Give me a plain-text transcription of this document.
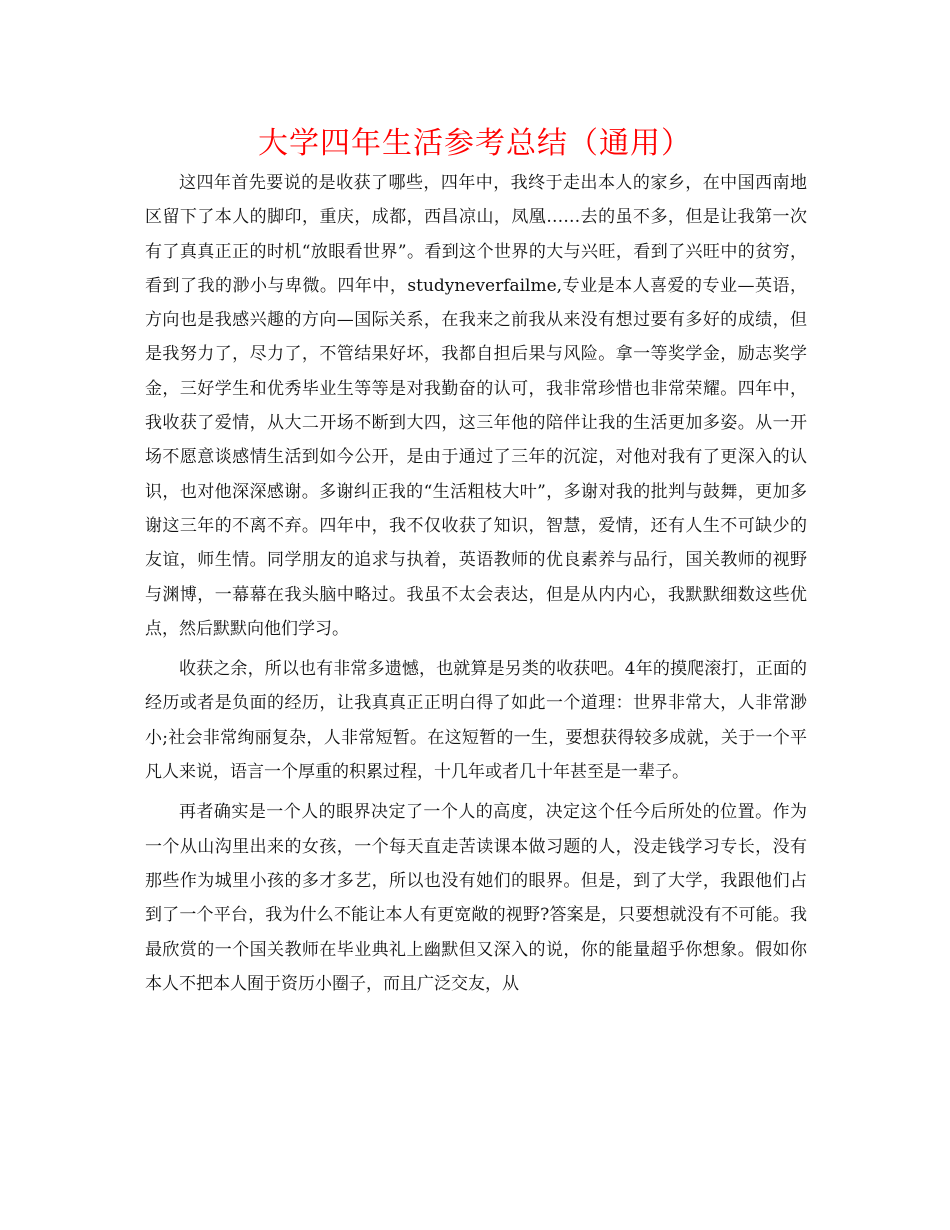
大学四年生活参考总结（通用）

这四年首先要说的是收获了哪些，四年中，我终于走出本人的家乡，在中国西南地区留下了本人的脚印，重庆，成都，西昌凉山，凤凰……去的虽不多，但是让我第一次有了真真正正的时机“放眼看世界”。看到这个世界的大与兴旺，看到了兴旺中的贫穷，看到了我的渺小与卑微。四年中，studyneverfailme,专业是本人喜爱的专业—英语，方向也是我感兴趣的方向—国际关系，在我来之前我从来没有想过要有多好的成绩，但是我努力了，尽力了，不管结果好坏，我都自担后果与风险。拿一等奖学金，励志奖学金，三好学生和优秀毕业生等等是对我勤奋的认可，我非常珍惜也非常荣耀。四年中，我收获了爱情，从大二开场不断到大四，这三年他的陪伴让我的生活更加多姿。从一开场不愿意谈感情生活到如今公开，是由于通过了三年的沉淀，对他对我有了更深入的认识，也对他深深感谢。多谢纠正我的“生活粗枝大叶”，多谢对我的批判与鼓舞，更加多谢这三年的不离不弃。四年中，我不仅收获了知识，智慧，爱情，还有人生不可缺少的友谊，师生情。同学朋友的追求与执着，英语教师的优良素养与品行，国关教师的视野与渊博，一幕幕在我头脑中略过。我虽不太会表达，但是从内内心，我默默细数这些优点，然后默默向他们学习。

收获之余，所以也有非常多遗憾，也就算是另类的收获吧。4年的摸爬滚打，正面的经历或者是负面的经历，让我真真正正明白得了如此一个道理：世界非常大，人非常渺小;社会非常绚丽复杂，人非常短暂。在这短暂的一生，要想获得较多成就，关于一个平凡人来说，语言一个厚重的积累过程，十几年或者几十年甚至是一辈子。

再者确实是一个人的眼界决定了一个人的高度，决定这个任今后所处的位置。作为一个从山沟里出来的女孩，一个每天直走苦读课本做习题的人，没走钱学习专长，没有那些作为城里小孩的多才多艺，所以也没有她们的眼界。但是，到了大学，我跟他们占到了一个平台，我为什么不能让本人有更宽敞的视野?答案是，只要想就没有不可能。我最欣赏的一个国关教师在毕业典礼上幽默但又深入的说，你的能量超乎你想象。假如你本人不把本人囿于资历小圈子，而且广泛交友，从
